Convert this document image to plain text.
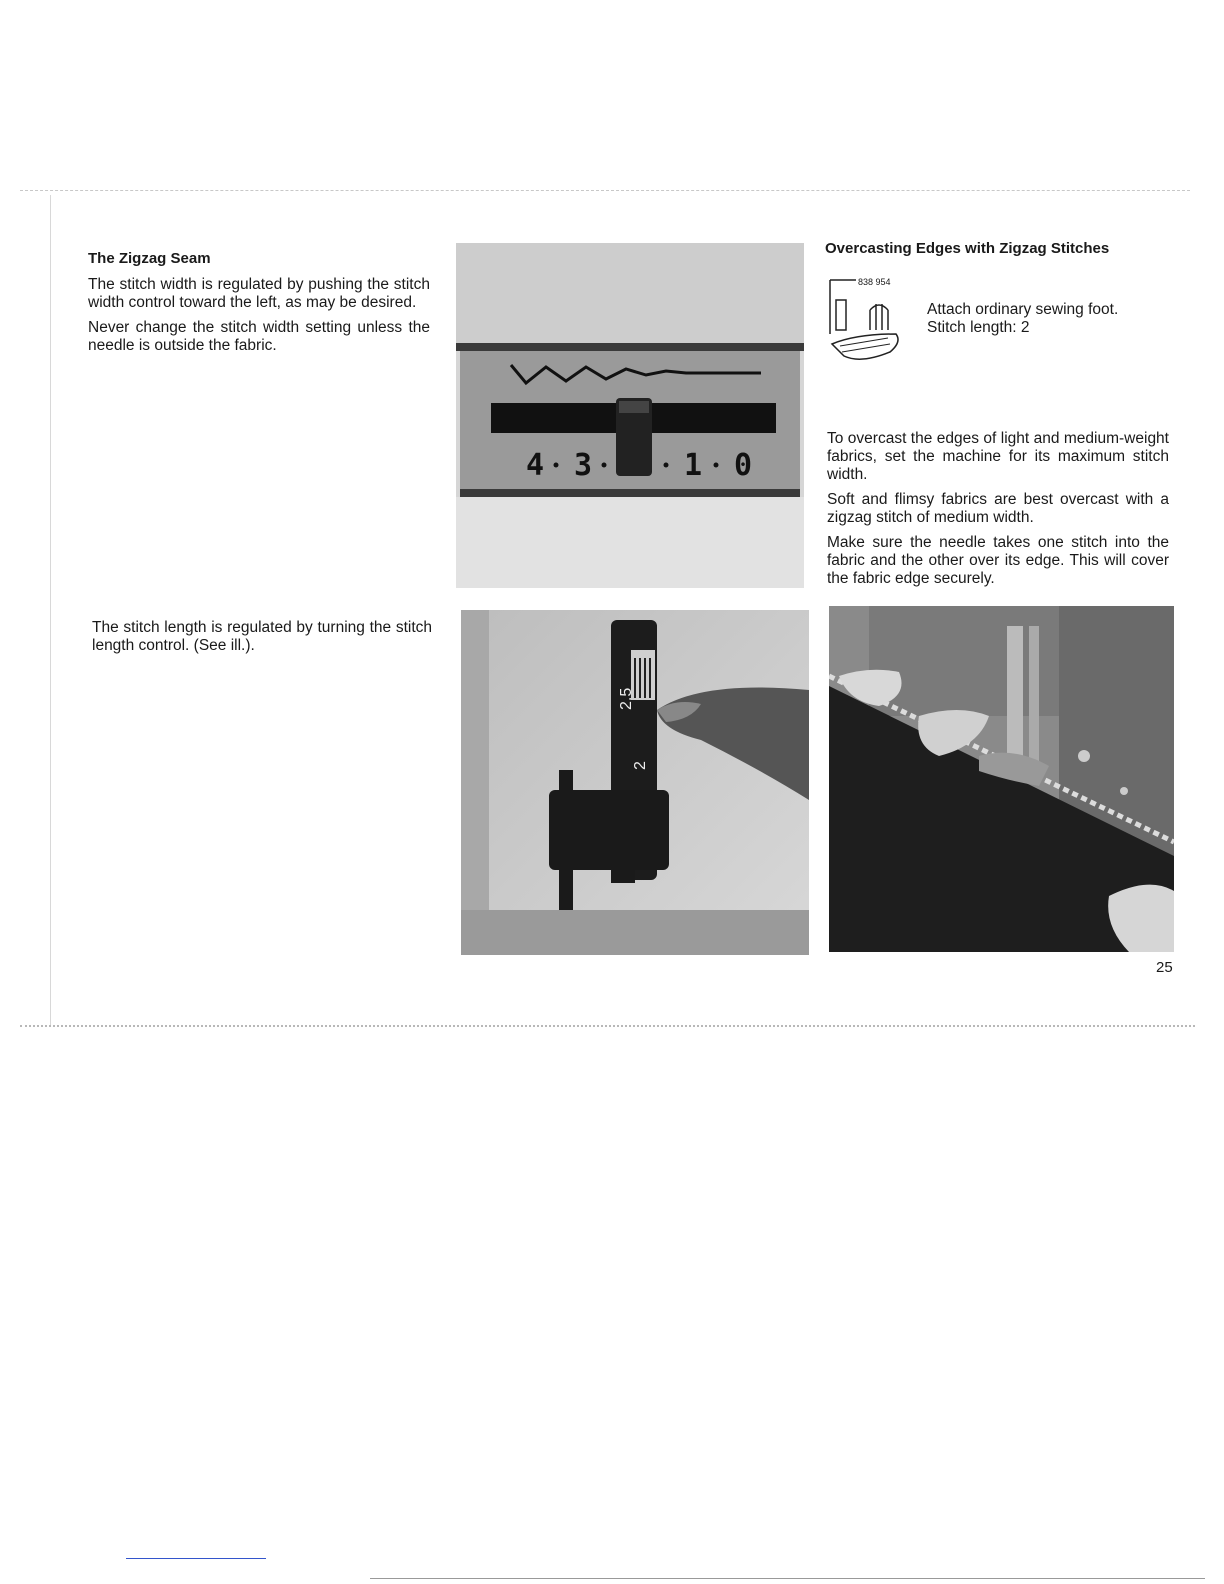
The Zigzag Seam

The stitch width is regulated by pushing the stitch width control toward the left, as may be desired.

Never change the stitch width setting unless the needle is outside the fabric.

The stitch length is regulated by turning the stitch length control. (See ill.).

4 3	1 0
Overcasting Edges with Zigzag Stitches
838 954
Attach ordinary sewing foot.
Stitch length: 2

To overcast the edges of light and medium-weight fabrics, set the machine for its maximum stitch width.

Soft and flimsy fabrics are best overcast with a zigzag stitch of medium width.

Make sure the needle takes one stitch into the fabric and the other over its edge. This will cover the fabric edge securely.

2.5
2
25
